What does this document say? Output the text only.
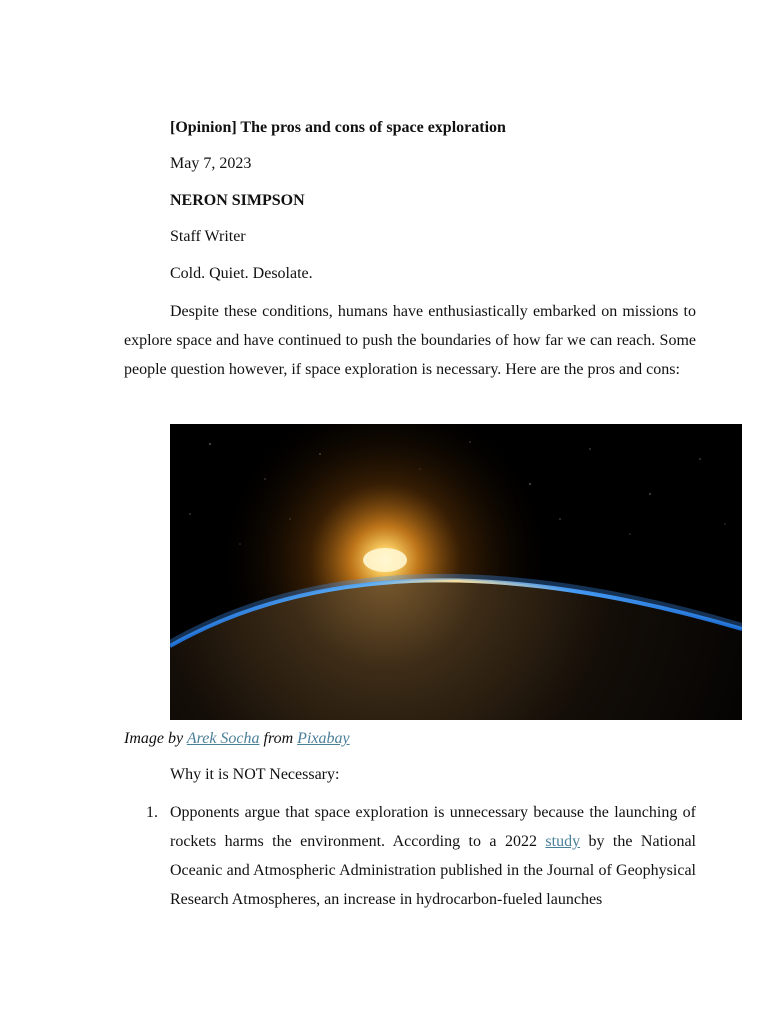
[Opinion] The pros and cons of space exploration
May 7, 2023
NERON SIMPSON
Staff Writer
Cold. Quiet. Desolate.
Despite these conditions, humans have enthusiastically embarked on missions to explore space and have continued to push the boundaries of how far we can reach. Some people question however, if space exploration is necessary. Here are the pros and cons:
Image by Arek Socha from Pixabay
Why it is NOT Necessary:
1. Opponents argue that space exploration is unnecessary because the launching of rockets harms the environment. According to a 2022 study by the National Oceanic and Atmospheric Administration published in the Journal of Geophysical Research Atmospheres, an increase in hydrocarbon-fueled launches
